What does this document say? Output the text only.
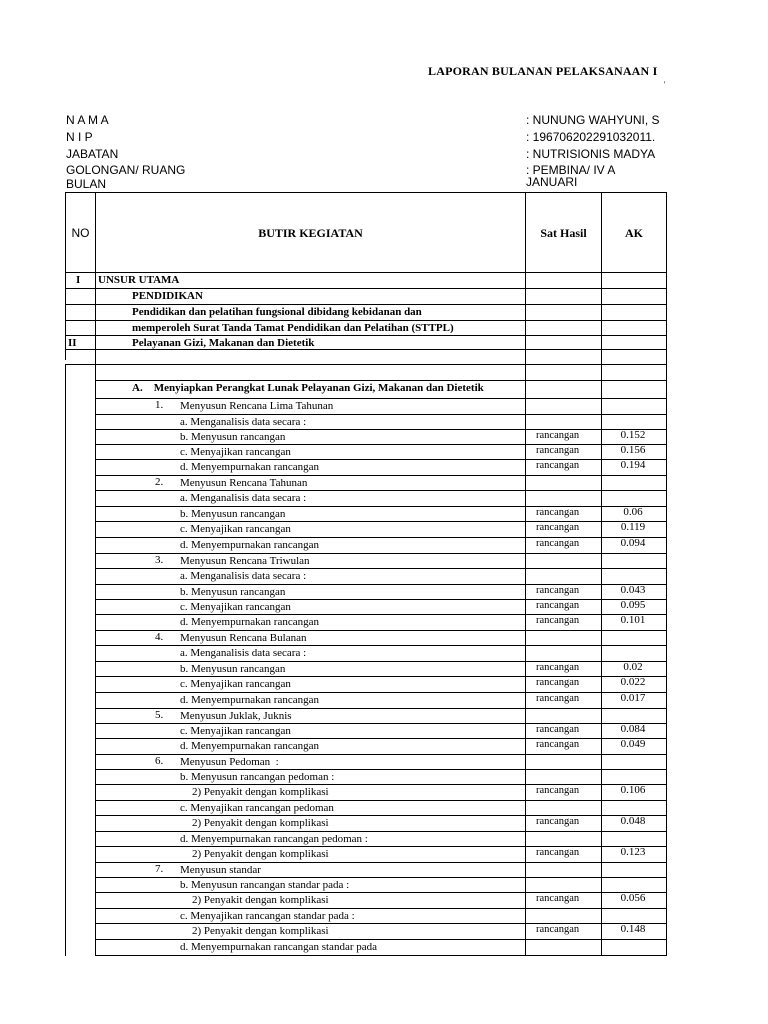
LAPORAN BULANAN PELAKSANAAN I
'
N A M A	: NUNUNG WAHYUNI, S
N I P	: 196706202291032011.
JABATAN	: NUTRISIONIS MADYA
GOLONGAN/ RUANG	: PEMBINA/ IV A
BULAN	JANUARI
NO	BUTIR KEGIATAN	Sat Hasil	AK
I UNSUR UTAMA
PENDIDIKAN
Pendidikan dan pelatihan fungsional dibidang kebidanan dan
memperoleh Surat Tanda Tamat Pendidikan dan Pelatihan (STTPL)
II	Pelayanan Gizi, Makanan dan Dietetik
A.    Menyiapkan Perangkat Lunak Pelayanan Gizi, Makanan dan Dietetik
1. Menyusun Rencana Lima Tahunan
a. Menganalisis data secara :
b. Menyusun rancangan	rancangan	0.152
c. Menyajikan rancangan	rancangan	0.156
d. Menyempurnakan rancangan	rancangan	0.194
2. Menyusun Rencana Tahunan
a. Menganalisis data secara :
b. Menyusun rancangan	rancangan	0.06
c. Menyajikan rancangan	rancangan	0.119
d. Menyempurnakan rancangan	rancangan	0.094
3. Menyusun Rencana Triwulan
a. Menganalisis data secara :
b. Menyusun rancangan	rancangan	0.043
c. Menyajikan rancangan	rancangan	0.095
d. Menyempurnakan rancangan	rancangan	0.101
4. Menyusun Rencana Bulanan
a. Menganalisis data secara :
b. Menyusun rancangan	rancangan	0.02
c. Menyajikan rancangan	rancangan	0.022
d. Menyempurnakan rancangan	rancangan	0.017
5. Menyusun Juklak, Juknis
c. Menyajikan rancangan	rancangan	0.084
d. Menyempurnakan rancangan	rancangan	0.049
6. Menyusun Pedoman  :
b. Menyusun rancangan pedoman :
2) Penyakit dengan komplikasi	rancangan	0.106
c. Menyajikan rancangan pedoman
2) Penyakit dengan komplikasi	rancangan	0.048
d. Menyempurnakan rancangan pedoman :
2) Penyakit dengan komplikasi	rancangan	0.123
7. Menyusun standar
b. Menyusun rancangan standar pada :
2) Penyakit dengan komplikasi	rancangan	0.056
c. Menyajikan rancangan standar pada :
2) Penyakit dengan komplikasi	rancangan	0.148
d. Menyempurnakan rancangan standar pada
